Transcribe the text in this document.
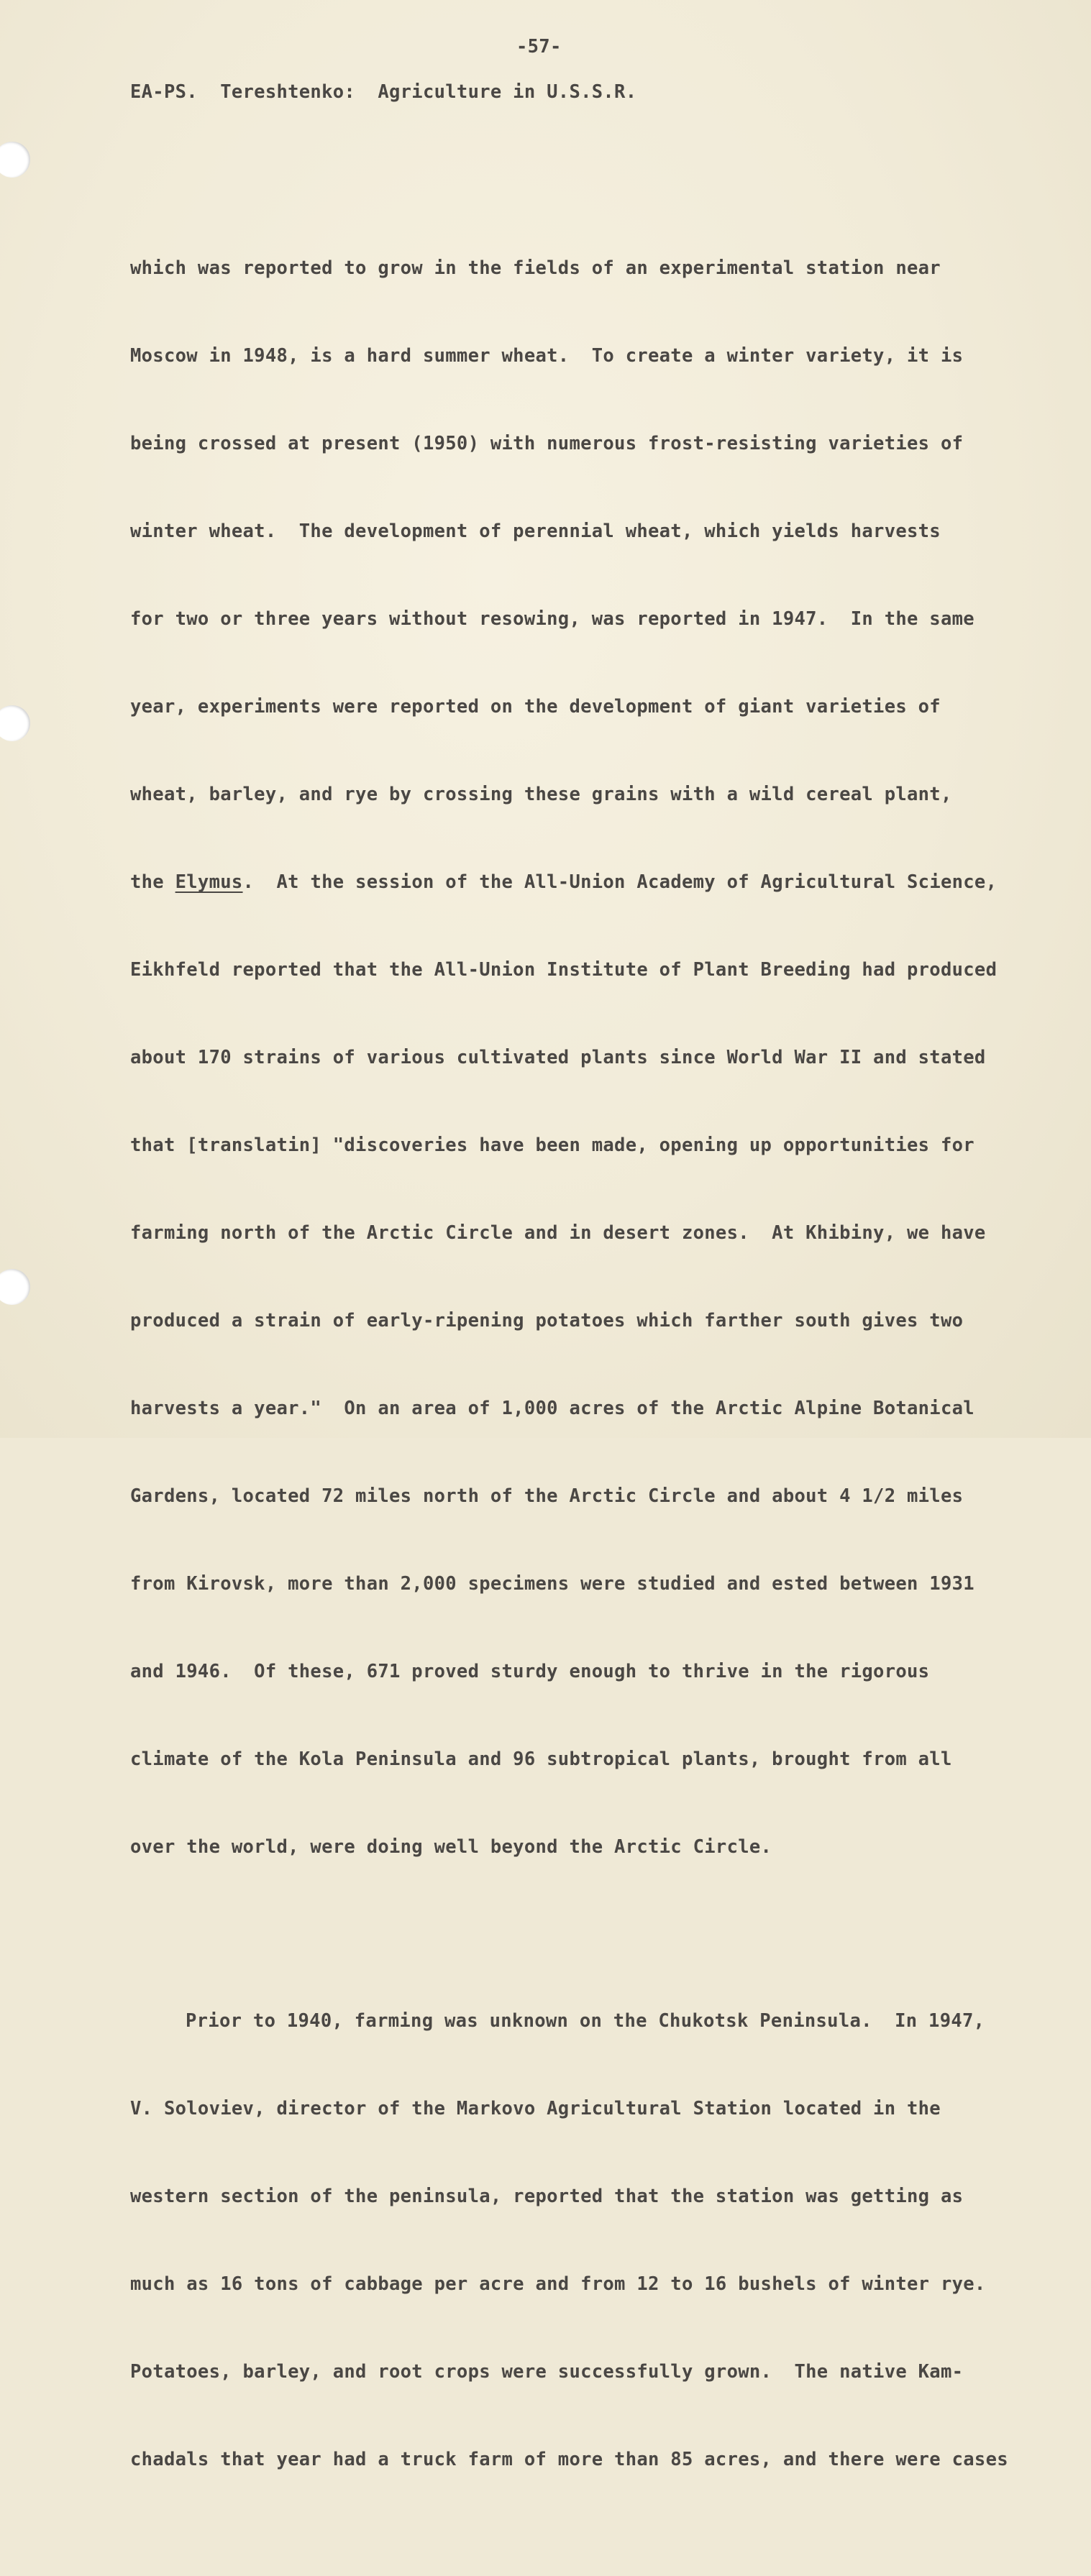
-57-
EA-PS.  Tereshtenko:  Agriculture in U.S.S.R.

which was reported to grow in the fields of an experimental station near

Moscow in 1948, is a hard summer wheat.  To create a winter variety, it is

being crossed at present (1950) with numerous frost-resisting varieties of

winter wheat.  The development of perennial wheat, which yields harvests

for two or three years without resowing, was reported in 1947.  In the same

year, experiments were reported on the development of giant varieties of

wheat, barley, and rye by crossing these grains with a wild cereal plant,

the Elymus.  At the session of the All-Union Academy of Agricultural Science,

Eikhfeld reported that the All-Union Institute of Plant Breeding had produced

about 170 strains of various cultivated plants since World War II and stated

that [translatin] "discoveries have been made, opening up opportunities for

farming north of the Arctic Circle and in desert zones.  At Khibiny, we have

produced a strain of early-ripening potatoes which farther south gives two

harvests a year."  On an area of 1,000 acres of the Arctic Alpine Botanical

Gardens, located 72 miles north of the Arctic Circle and about 4 1/2 miles

from Kirovsk, more than 2,000 specimens were studied and ested between 1931

and 1946.  Of these, 671 proved sturdy enough to thrive in the rigorous

climate of the Kola Peninsula and 96 subtropical plants, brought from all

over the world, were doing well beyond the Arctic Circle.

Prior to 1940, farming was unknown on the Chukotsk Peninsula.  In 1947,

V. Soloviev, director of the Markovo Agricultural Station located in the

western section of the peninsula, reported that the station was getting as

much as 16 tons of cabbage per acre and from 12 to 16 bushels of winter rye.

Potatoes, barley, and root crops were successfully grown.  The native Kam-

chadals that year had a truck farm of more than 85 acres, and there were cases
